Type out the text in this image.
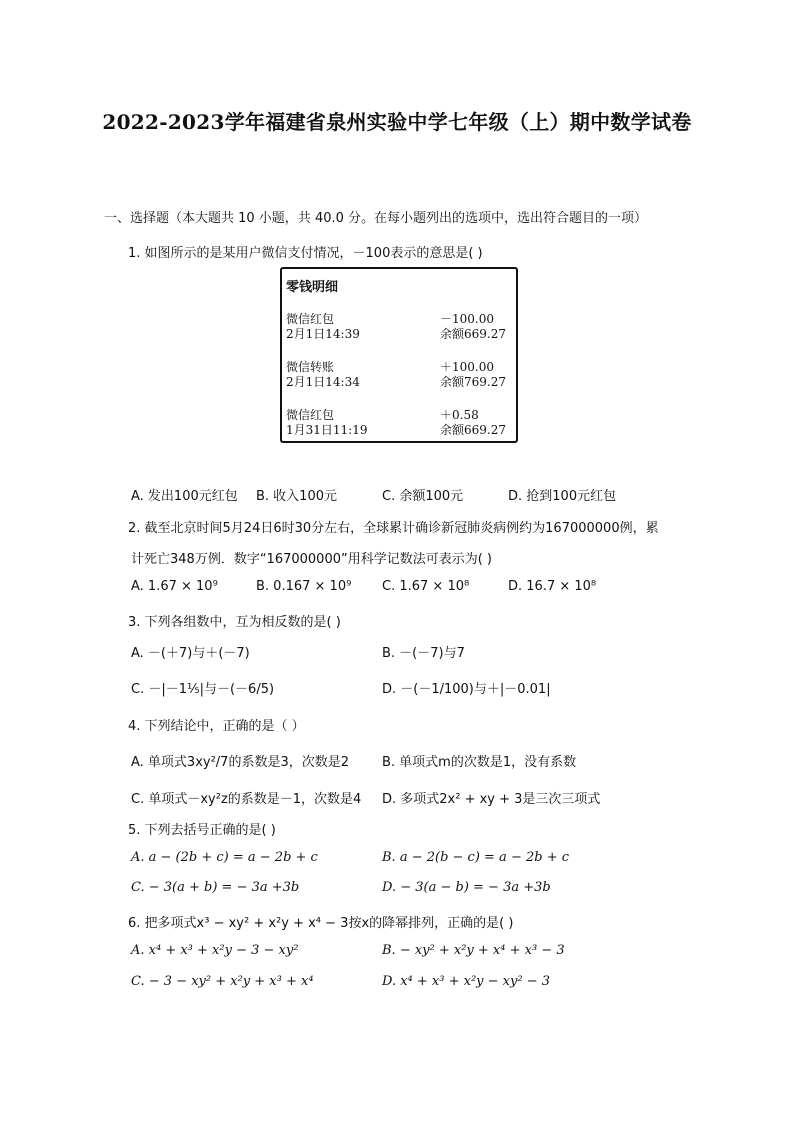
2022-2023学年福建省泉州实验中学七年级（上）期中数学试卷
一、选择题（本大题共 10 小题，共 40.0 分。在每小题列出的选项中，选出符合题目的一项）
1. 如图所示的是某用户微信支付情况，－100表示的意思是( )
零钱明细
微信红包	－100.00
2月1日14:39	余额669.27
微信转账	＋100.00
2月1日14:34	余额769.27
微信红包	＋0.58
1月31日11:19	余额669.27
A. 发出100元红包 B. 收入100元	C. 余额100元	D. 抢到100元红包
2. 截至北京时间5月24日6时30分左右，全球累计确诊新冠肺炎病例约为167000000例，累
计死亡348万例．数字“167000000”用科学记数法可表示为( )
A. 1.67 × 10⁹	B. 0.167 × 10⁹ C. 1.67 × 10⁸	D. 16.7 × 10⁸
3. 下列各组数中，互为相反数的是( )
A. －(＋7)与＋(－7)	B. －(－7)与7
C. －|－1⅕|与－(－6/5)	D. －(－1/100)与＋|－0.01|
4. 下列结论中，正确的是（ ）
A. 单项式3xy²/7的系数是3，次数是2	B. 单项式m的次数是1，没有系数
C. 单项式－xy²z的系数是－1，次数是4 D. 多项式2x² + xy + 3是三次三项式
5. 下列去括号正确的是( )
A. a − (2b + c) = a − 2b + c	B. a − 2(b − c) = a − 2b + c
C. − 3(a + b) = − 3a +3b	D. − 3(a − b) = − 3a +3b
6. 把多项式x³ − xy² + x²y + x⁴ − 3按x的降幂排列，正确的是( )
A. x⁴ + x³ + x²y − 3 − xy²	B. − xy² + x²y + x⁴ + x³ − 3
C. − 3 − xy² + x²y + x³ + x⁴	D. x⁴ + x³ + x²y − xy² − 3
